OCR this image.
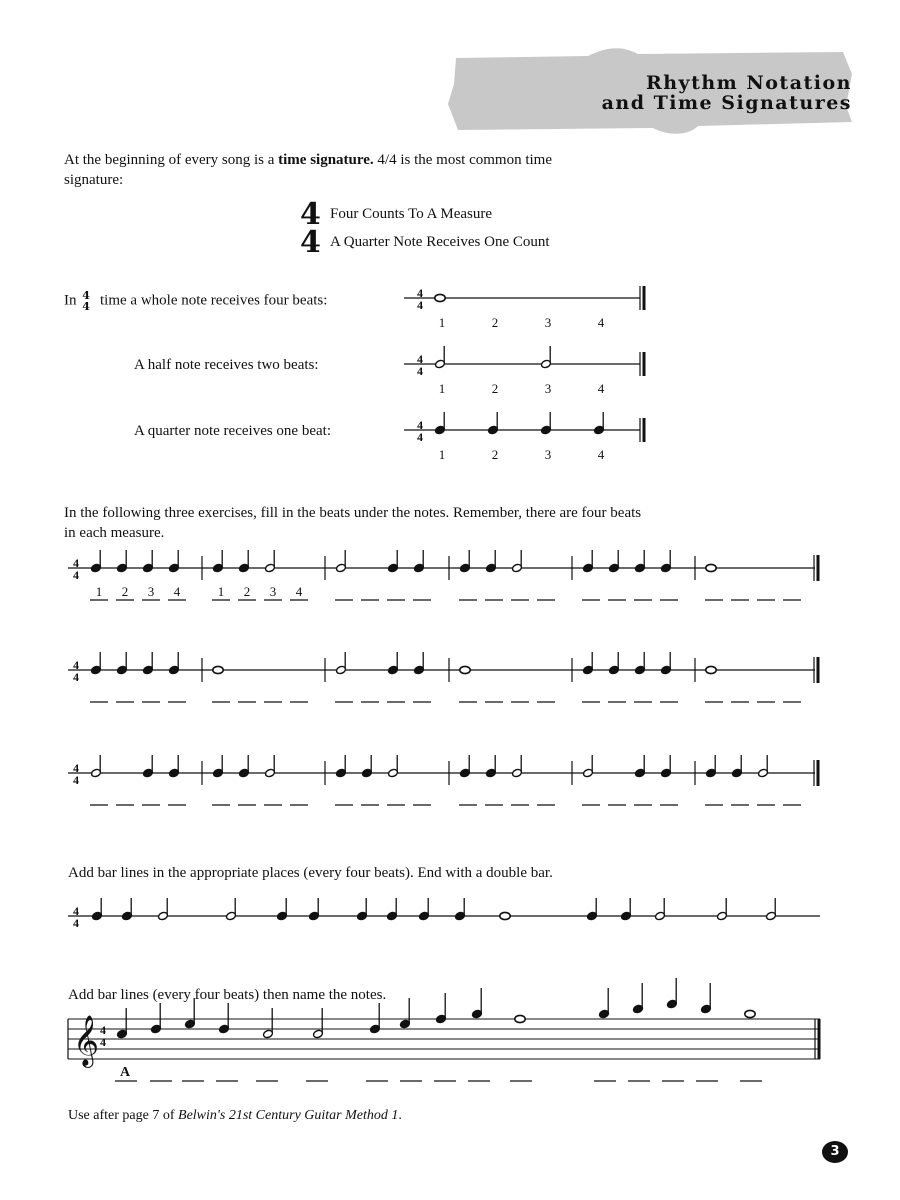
Rhythm Notation
and Time Signatures

At the beginning of every song is a time signature. 4/4 is the most common time signature:

4
4
Four Counts To A Measure
A Quarter Note Receives One Count
In 4
4 time a whole note receives four beats:
A half note receives two beats:
A quarter note receives one beat:

In the following three exercises, fill in the beats under the notes. Remember, there are four beats in each measure.

Add bar lines in the appropriate places (every four beats). End with a double bar.

Add bar lines (every four beats) then name the notes.

4
4
1	2	3	4
4
4
1	2	3	4
4
4
1	2	3	4
4
4
4
4
4
4
1 2 3 4	1 2 3 4
4
4
𝄞 4
4
A
Use after page 7 of Belwin's 21st Century Guitar Method 1.
3
